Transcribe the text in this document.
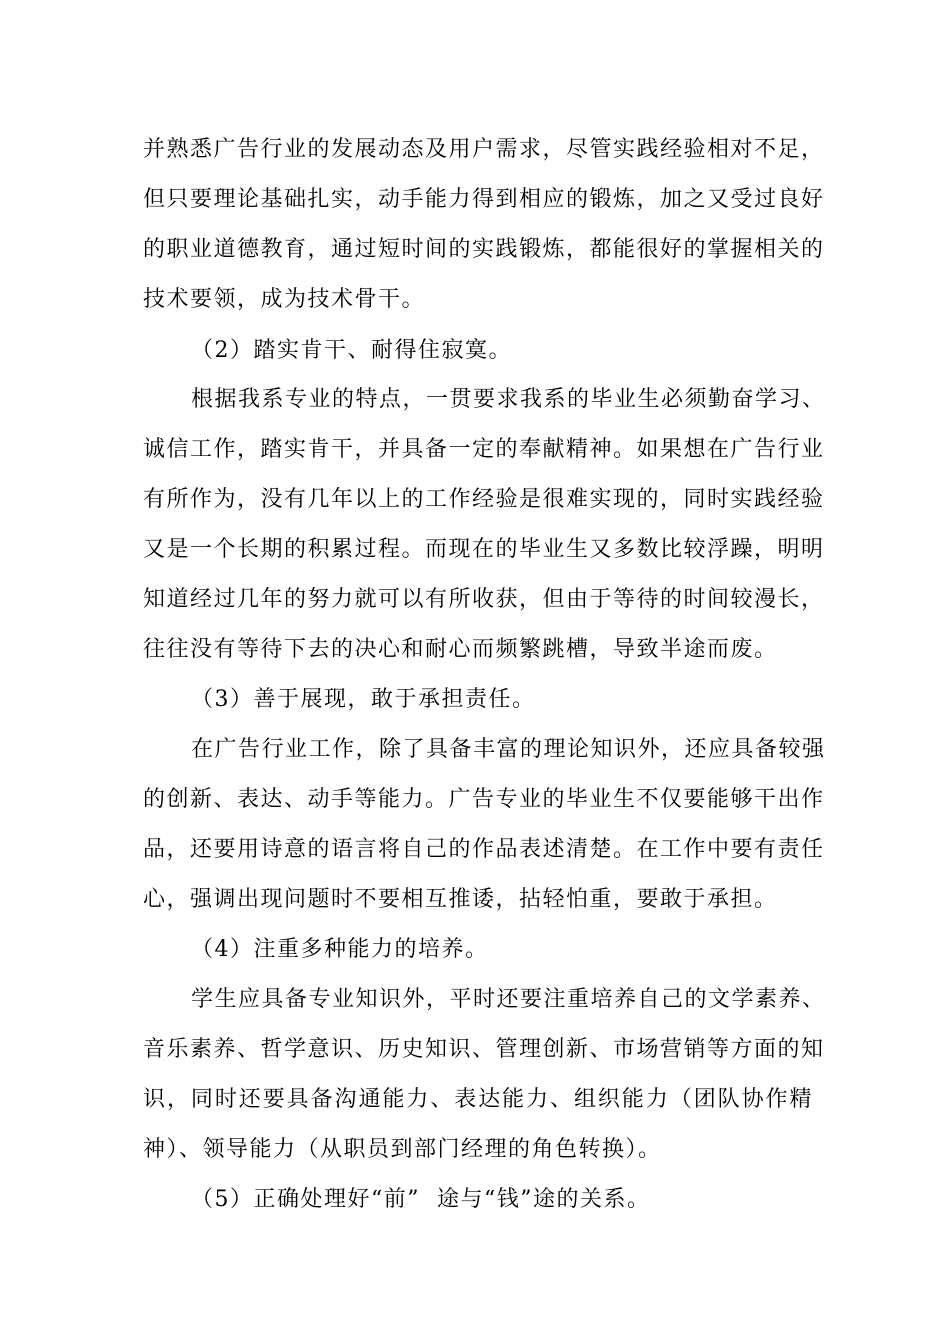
并熟悉广告行业的发展动态及用户需求，尽管实践经验相对不足，
但只要理论基础扎实，动手能力得到相应的锻炼，加之又受过良好
的职业道德教育，通过短时间的实践锻炼，都能很好的掌握相关的
技术要领，成为技术骨干。
（2）踏实肯干、耐得住寂寞。
根据我系专业的特点，一贯要求我系的毕业生必须勤奋学习、
诚信工作，踏实肯干，并具备一定的奉献精神。如果想在广告行业
有所作为，没有几年以上的工作经验是很难实现的，同时实践经验
又是一个长期的积累过程。而现在的毕业生又多数比较浮躁，明明
知道经过几年的努力就可以有所收获，但由于等待的时间较漫长，
往往没有等待下去的决心和耐心而频繁跳槽，导致半途而废。
（3）善于展现，敢于承担责任。
在广告行业工作，除了具备丰富的理论知识外，还应具备较强
的创新、表达、动手等能力。广告专业的毕业生不仅要能够干出作
品，还要用诗意的语言将自己的作品表述清楚。在工作中要有责任
心，强调出现问题时不要相互推诿，拈轻怕重，要敢于承担。
（4）注重多种能力的培养。
学生应具备专业知识外，平时还要注重培养自己的文学素养、
音乐素养、哲学意识、历史知识、管理创新、市场营销等方面的知
识，同时还要具备沟通能力、表达能力、组织能力（团队协作精
神）、领导能力（从职员到部门经理的角色转换）。
（5）正确处理好“前”  途与“钱”途的关系。
